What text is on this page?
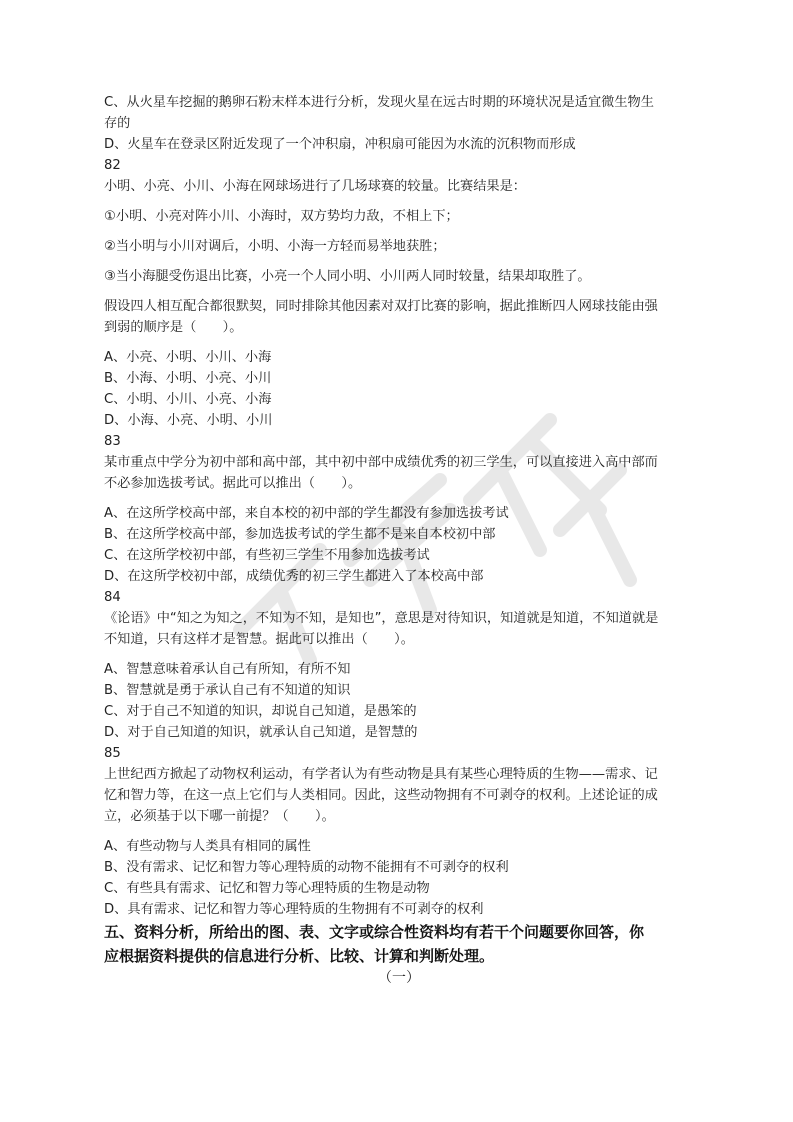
C、从火星车挖掘的鹅卵石粉末样本进行分析，发现火星在远古时期的环境状况是适宜微生物生
存的
D、火星车在登录区附近发现了一个冲积扇，冲积扇可能因为水流的沉积物而形成
82
小明、小亮、小川、小海在网球场进行了几场球赛的较量。比赛结果是：
①小明、小亮对阵小川、小海时，双方势均力敌，不相上下；
②当小明与小川对调后，小明、小海一方轻而易举地获胜；
③当小海腿受伤退出比赛，小亮一个人同小明、小川两人同时较量，结果却取胜了。
假设四人相互配合都很默契，同时排除其他因素对双打比赛的影响，据此推断四人网球技能由强
到弱的顺序是（　　）。
A、小亮、小明、小川、小海
B、小海、小明、小亮、小川
C、小明、小川、小亮、小海
D、小海、小亮、小明、小川
83
某市重点中学分为初中部和高中部，其中初中部中成绩优秀的初三学生，可以直接进入高中部而
不必参加选拔考试。据此可以推出（　　）。
A、在这所学校高中部，来自本校的初中部的学生都没有参加选拔考试
B、在这所学校高中部，参加选拔考试的学生都不是来自本校初中部
C、在这所学校初中部，有些初三学生不用参加选拔考试
D、在这所学校初中部，成绩优秀的初三学生都进入了本校高中部
84
《论语》中“知之为知之，不知为不知，是知也”，意思是对待知识，知道就是知道，不知道就是
不知道，只有这样才是智慧。据此可以推出（　　）。
A、智慧意味着承认自己有所知，有所不知
B、智慧就是勇于承认自己有不知道的知识
C、对于自己不知道的知识，却说自己知道，是愚笨的
D、对于自己知道的知识，就承认自己知道，是智慧的
85
上世纪西方掀起了动物权利运动，有学者认为有些动物是具有某些心理特质的生物——需求、记
忆和智力等，在这一点上它们与人类相同。因此，这些动物拥有不可剥夺的权利。上述论证的成
立，必须基于以下哪一前提？（　　）。
A、有些动物与人类具有相同的属性
B、没有需求、记忆和智力等心理特质的动物不能拥有不可剥夺的权利
C、有些具有需求、记忆和智力等心理特质的生物是动物
D、具有需求、记忆和智力等心理特质的生物拥有不可剥夺的权利
五、资料分析，所给出的图、表、文字或综合性资料均有若干个问题要你回答，你
应根据资料提供的信息进行分析、比较、计算和判断处理。
（一）
